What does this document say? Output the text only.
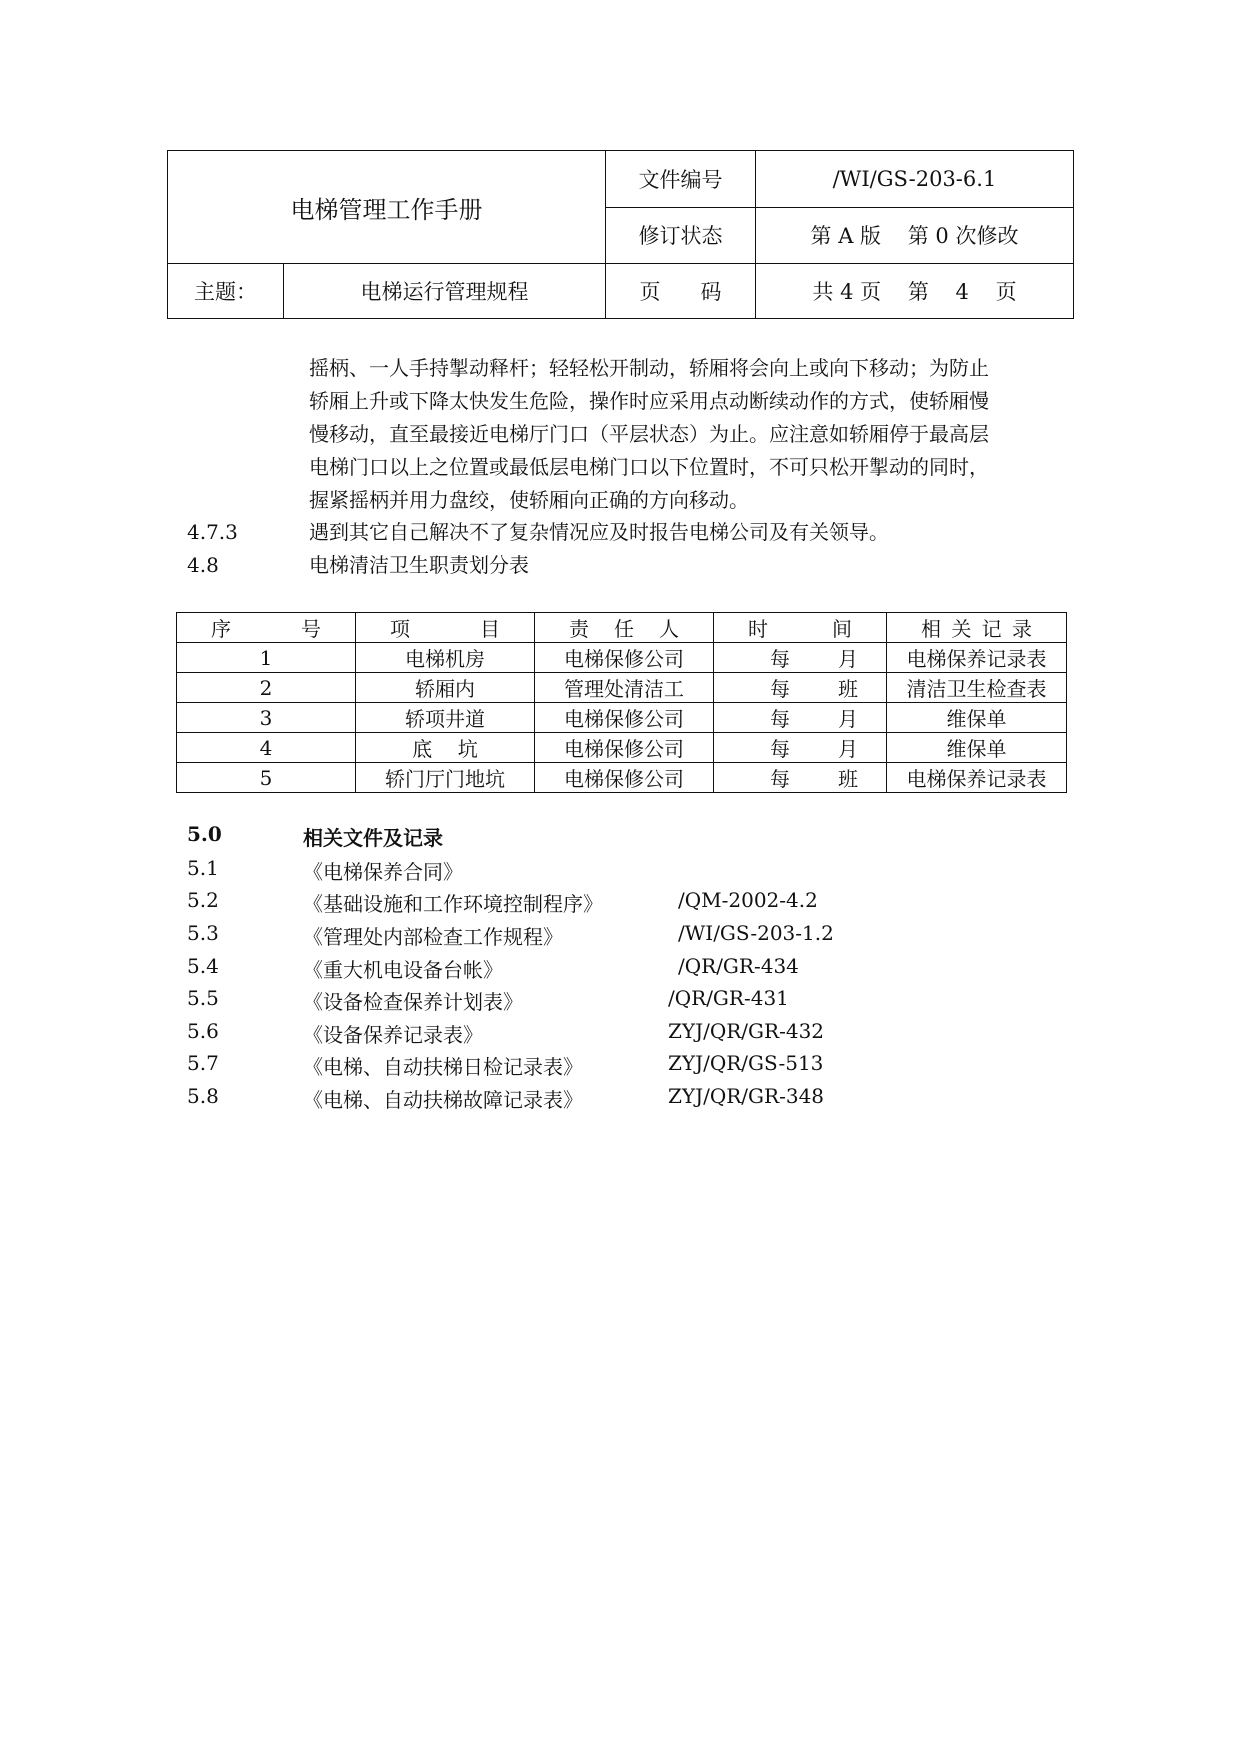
电梯管理工作手册		文件编号	/WI/GS-203-6.1
		修订状态	第 A 版    第 0 次修改
主题：	电梯运行管理规程	页      码	共 4 页    第    4    页
摇柄、一人手持掣动释杆；轻轻松开制动，轿厢将会向上或向下移动；为防止
轿厢上升或下降太快发生危险，操作时应采用点动断续动作的方式，使轿厢慢
慢移动，直至最接近电梯厅门口（平层状态）为止。应注意如轿厢停于最高层
电梯门口以上之位置或最低层电梯门口以下位置时，不可只松开掣动的同时，
握紧摇柄并用力盘绞，使轿厢向正确的方向移动。
4.7.3	遇到其它自己解决不了复杂情况应及时报告电梯公司及有关领导。
4.8	电梯清洁卫生职责划分表
序 号	项 目	责 任 人	时 间	相 关 记 录

1	电梯机房	电梯保修公司	每 月	电梯保养记录表
2	轿厢内	管理处清洁工	每 班	清洁卫生检查表
3	轿项井道	电梯保修公司	每 月	维保单
4	底    坑	电梯保修公司	每 月	维保单
5	轿门厅门地坑	电梯保修公司	每 班	电梯保养记录表
5.0	相关文件及记录
5.1	《电梯保养合同》
5.2	《基础设施和工作环境控制程序》	/QM-2002-4.2
5.3	《管理处内部检查工作规程》	/WI/GS-203-1.2
5.4	《重大机电设备台帐》	/QR/GR-434
5.5	《设备检查保养计划表》	/QR/GR-431
5.6	《设备保养记录表》	ZYJ/QR/GR-432
5.7	《电梯、自动扶梯日检记录表》	ZYJ/QR/GS-513
5.8	《电梯、自动扶梯故障记录表》	ZYJ/QR/GR-348
